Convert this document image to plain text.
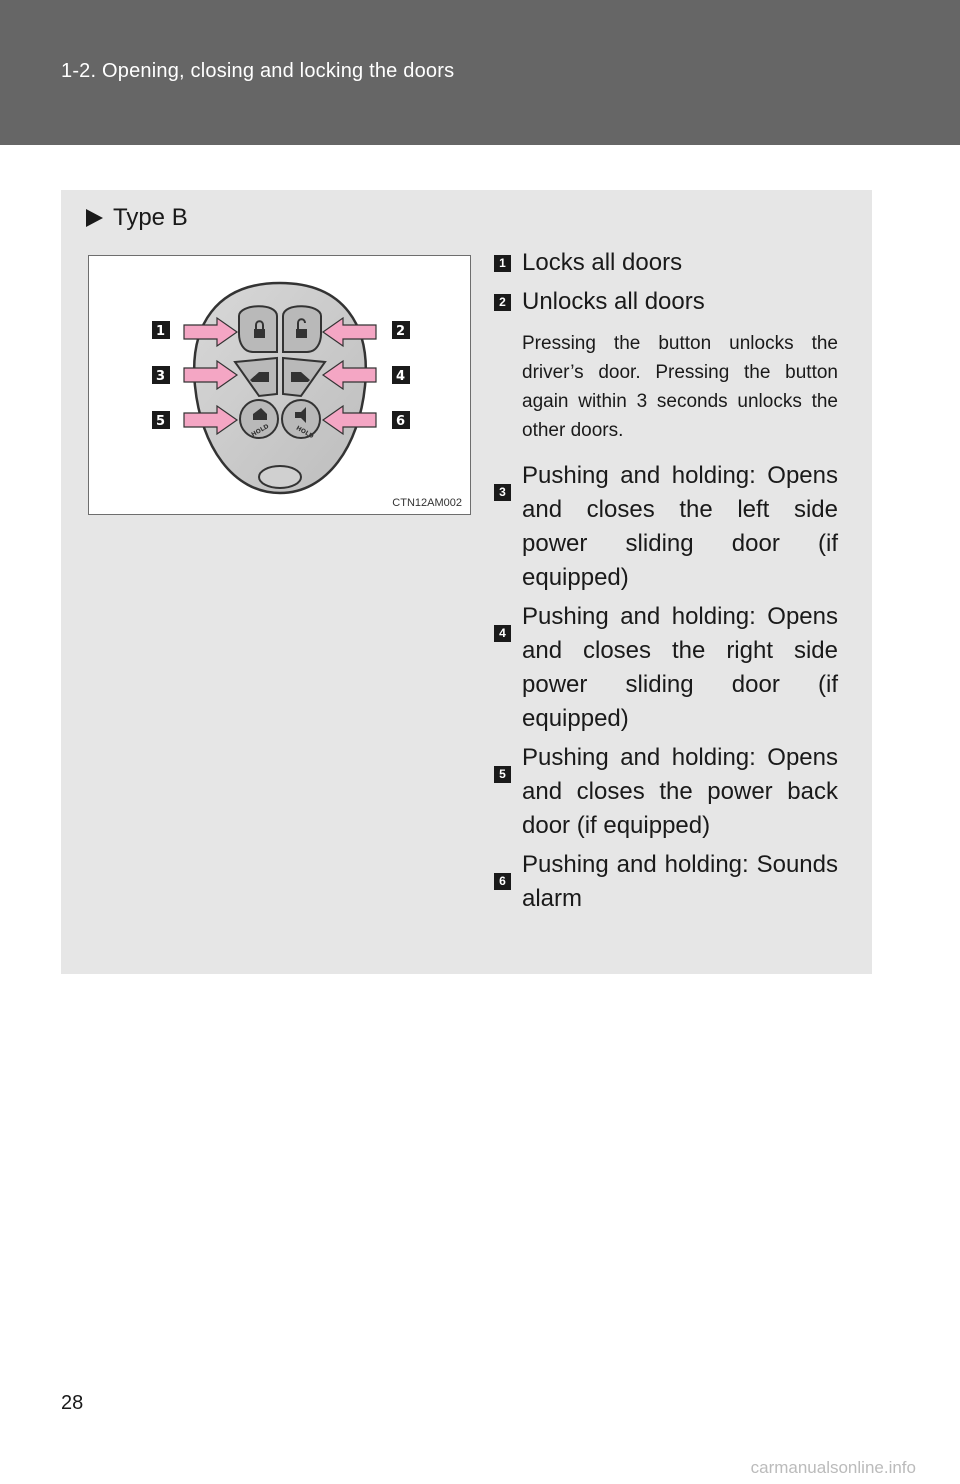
1-2. Opening, closing and locking the doors
Type B
HOLD	HOLD
1	2
3	4
5	6
CTN12AM002
1 Locks all doors
2 Unlocks all doors
Pressing the button unlocks the driver’s door. Pressing the button again within 3 seconds unlocks the other doors.
3
Pushing and holding: Opens and closes the left side power sliding door (if equipped)
4
Pushing and holding: Opens and closes the right side power sliding door (if equipped)
5
Pushing and holding: Opens and closes the power back door (if equipped)
6
Pushing and holding: Sounds alarm
28
carmanualsonline.info
